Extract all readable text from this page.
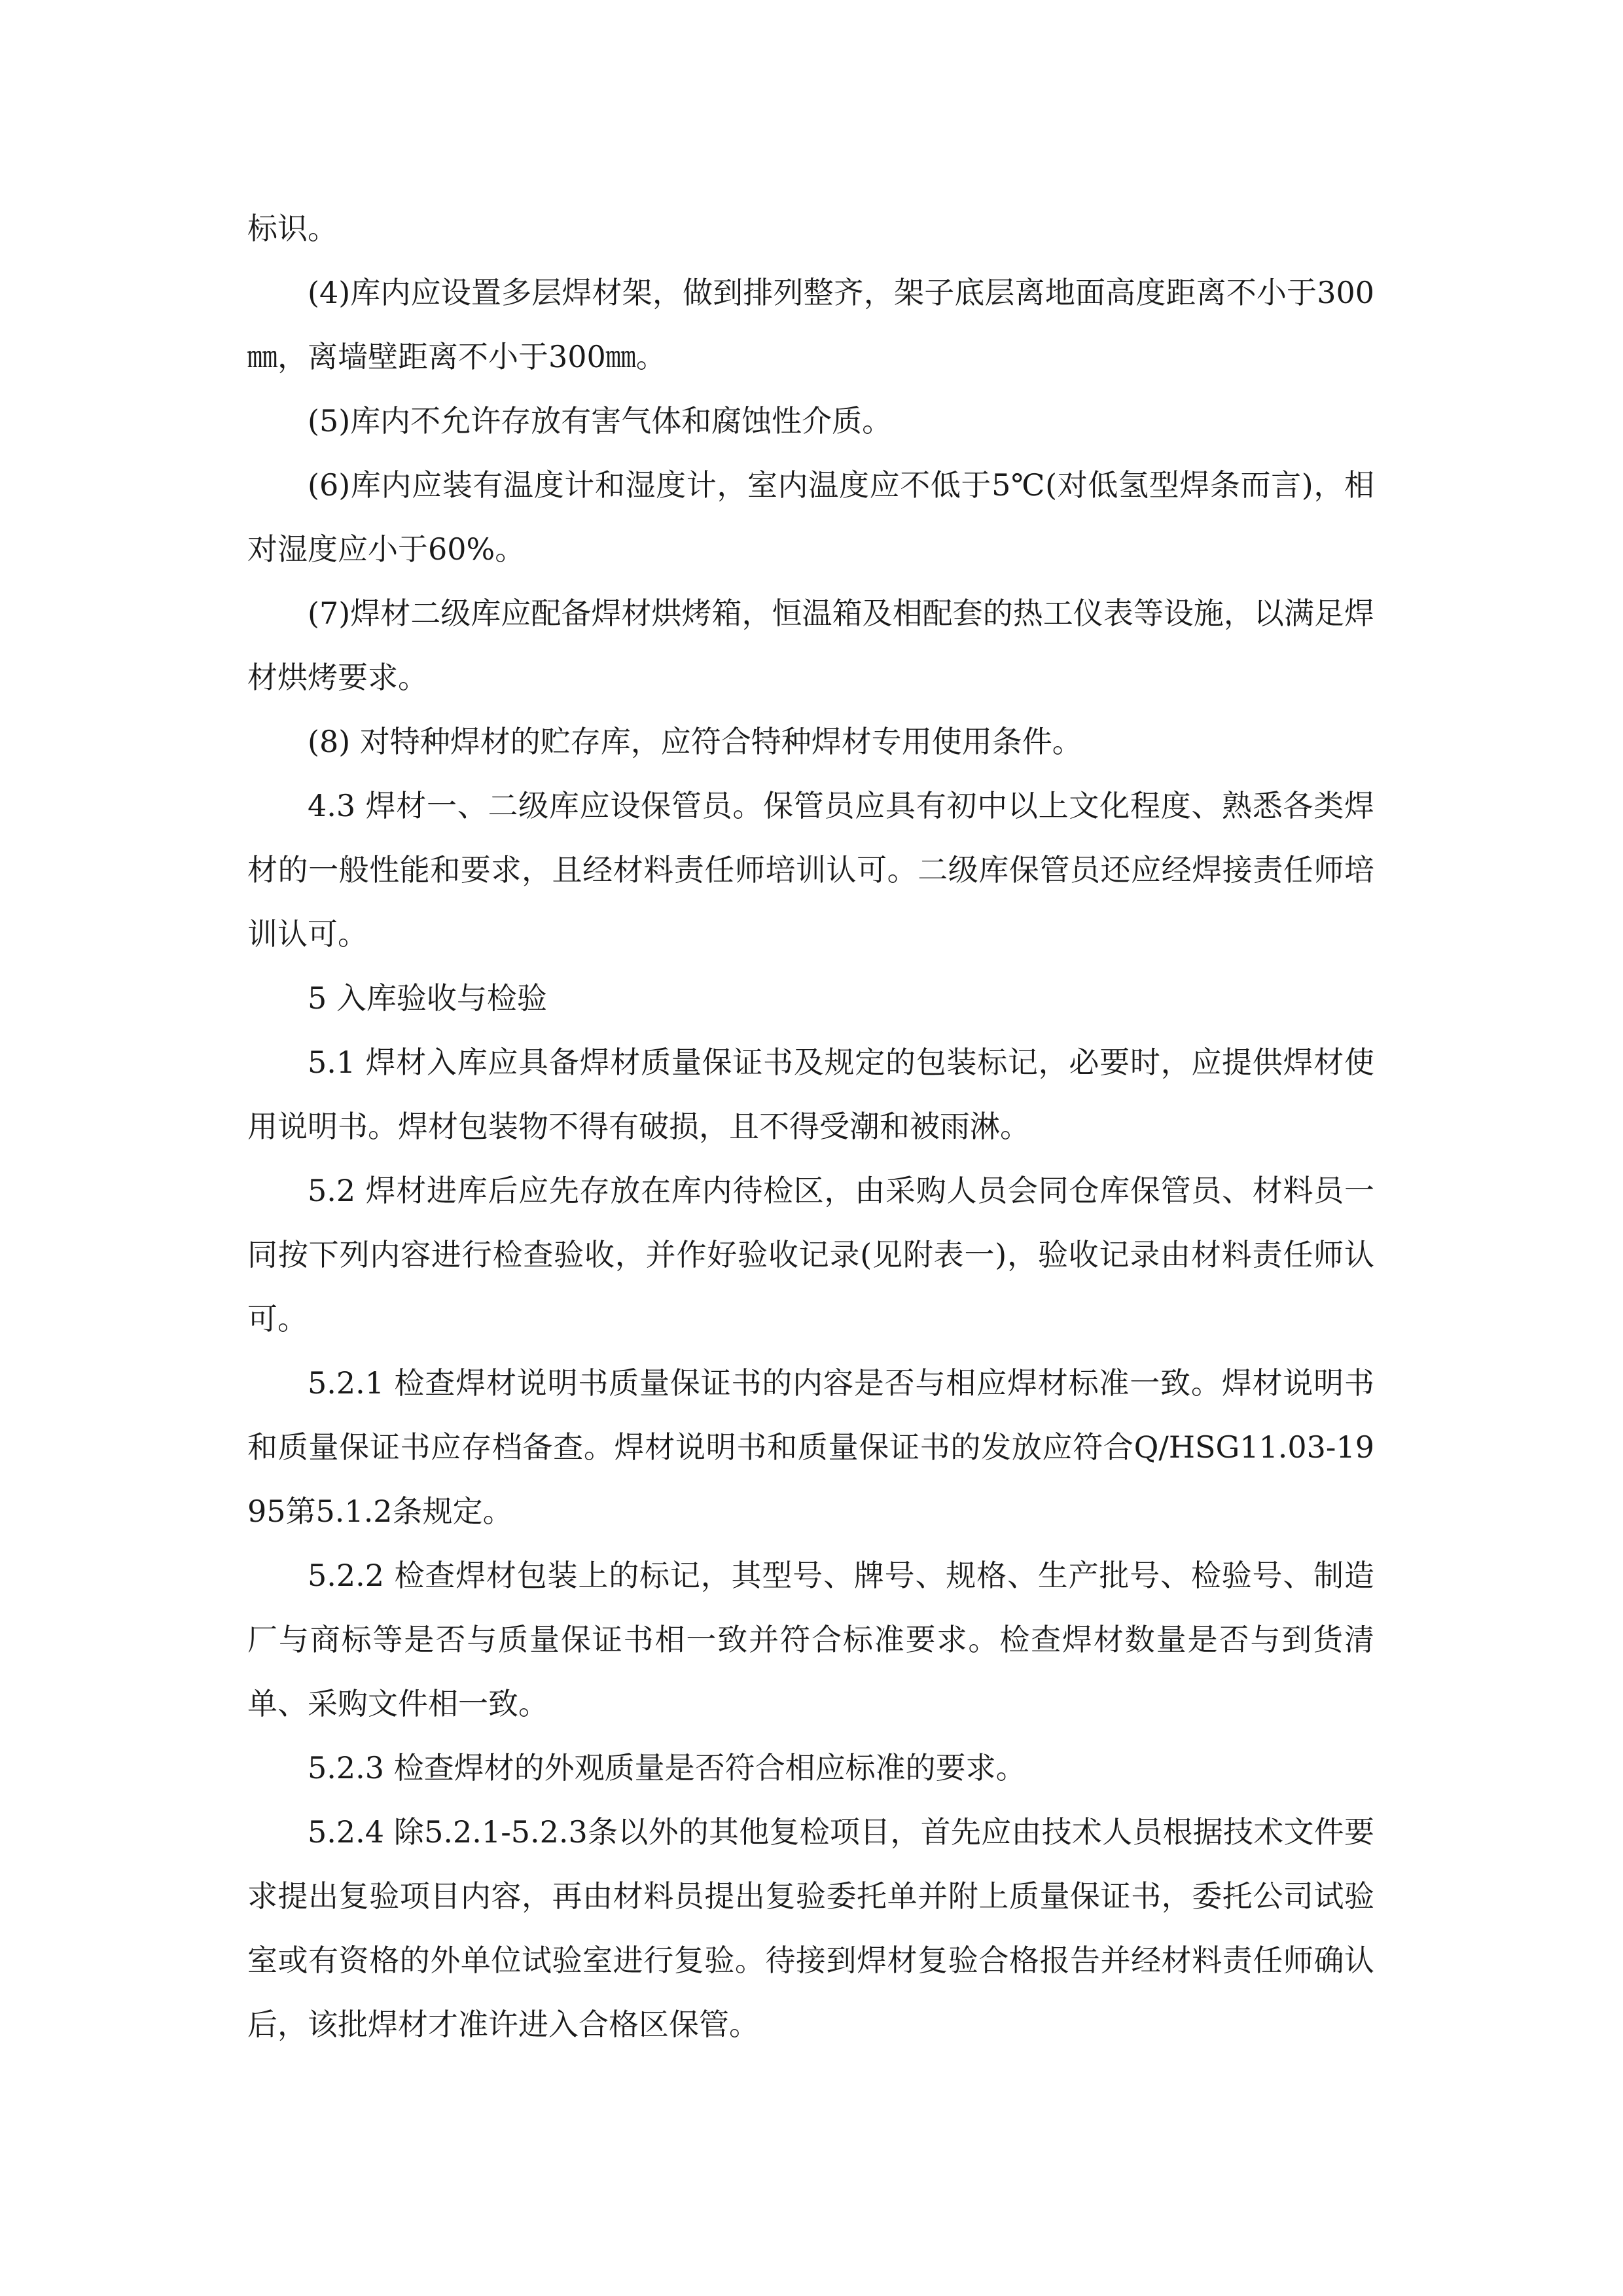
标识。

(4)库内应设置多层焊材架，做到排列整齐，架子底层离地面高度距离不小于300㎜，离墙壁距离不小于300㎜。

(5)库内不允许存放有害气体和腐蚀性介质。

(6)库内应装有温度计和湿度计，室内温度应不低于5℃(对低氢型焊条而言)，相对湿度应小于60%。

(7)焊材二级库应配备焊材烘烤箱，恒温箱及相配套的热工仪表等设施，以满足焊材烘烤要求。

(8) 对特种焊材的贮存库，应符合特种焊材专用使用条件。

4.3 焊材一、二级库应设保管员。保管员应具有初中以上文化程度、熟悉各类焊材的一般性能和要求，且经材料责任师培训认可。二级库保管员还应经焊接责任师培训认可。

5 入库验收与检验

5.1 焊材入库应具备焊材质量保证书及规定的包装标记，必要时，应提供焊材使用说明书。焊材包装物不得有破损，且不得受潮和被雨淋。

5.2 焊材进库后应先存放在库内待检区，由采购人员会同仓库保管员、材料员一同按下列内容进行检查验收，并作好验收记录(见附表一)，验收记录由材料责任师认可。

5.2.1 检查焊材说明书质量保证书的内容是否与相应焊材标准一致。焊材说明书和质量保证书应存档备查。焊材说明书和质量保证书的发放应符合Q/HSG11.03-1995第5.1.2条规定。

5.2.2 检查焊材包装上的标记，其型号、牌号、规格、生产批号、检验号、制造厂与商标等是否与质量保证书相一致并符合标准要求。检查焊材数量是否与到货清单、采购文件相一致。

5.2.3 检查焊材的外观质量是否符合相应标准的要求。

5.2.4 除5.2.1-5.2.3条以外的其他复检项目，首先应由技术人员根据技术文件要求提出复验项目内容，再由材料员提出复验委托单并附上质量保证书，委托公司试验室或有资格的外单位试验室进行复验。待接到焊材复验合格报告并经材料责任师确认后，该批焊材才准许进入合格区保管。
